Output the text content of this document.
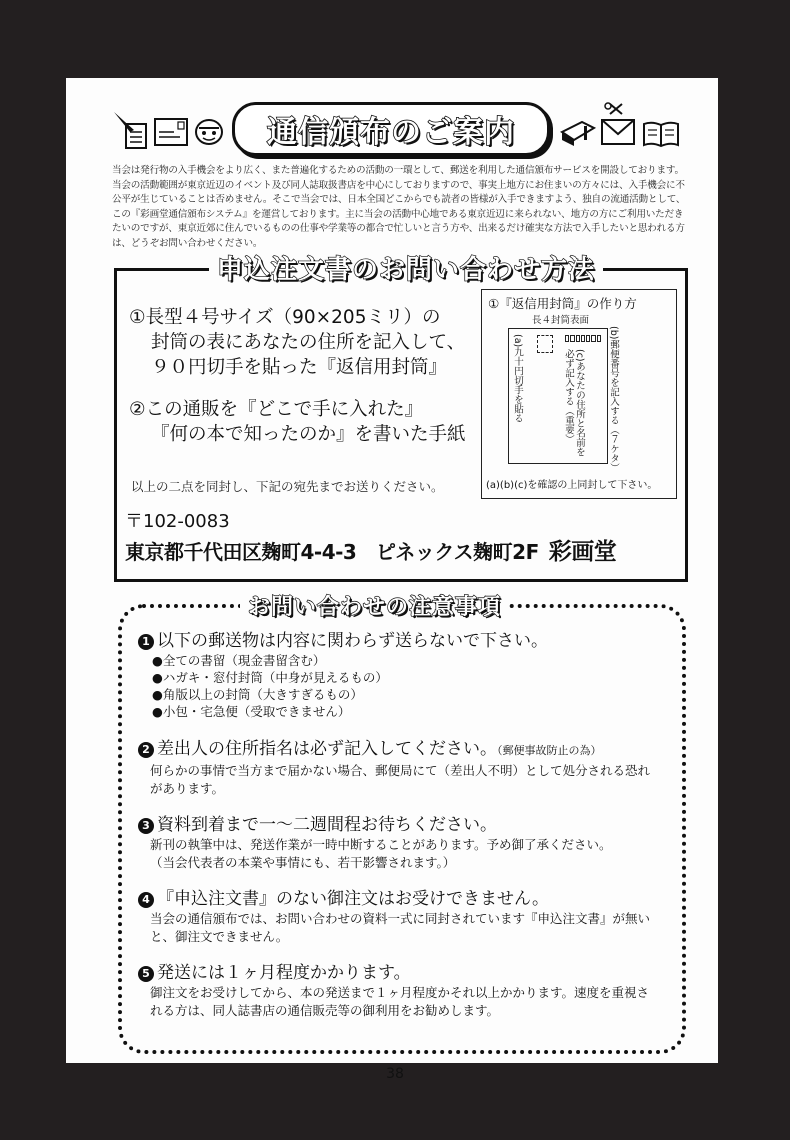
通信頒布のご案内
当会は発行物の入手機会をより広く、また普遍化するための活動の一環として、郵送を利用した通信頒布サービスを開設しております。当会の活動範囲が東京近辺のイベント及び同人誌取扱書店を中心にしておりますので、事実上地方にお住まいの方々には、入手機会に不公平が生じていることは否めません。そこで当会では、日本全国どこからでも読者の皆様が入手できますよう、独自の流通活動として、この『彩画堂通信頒布システム』を運営しております。主に当会の活動中心地である東京近辺に来られない、地方の方にご利用いただきたいのですが、東京近郊に住んでいるものの仕事や学業等の都合で忙しいと言う方や、出来るだけ確実な方法で入手したいと思われる方は、どうぞお問い合わせください。
申込注文書のお問い合わせ方法
①長型４号サイズ（90×205ミリ）の
封筒の表にあなたの住所を記入して、
９０円切手を貼った『返信用封筒』
②この通販を『どこで手に入れた』
『何の本で知ったのか』を書いた手紙
以上の二点を同封し、下記の宛先までお送りください。
〒102-0083
東京都千代田区麹町4-4-3　ピネックス麹町2F 彩画堂
①『返信用封筒』の作り方
長４封筒表面
(c)あなたの住所と名前を必ず記入する（重要）
(a)九十円切手を貼る	(b)郵便番号を記入する（７ケタ）
(a)(b)(c)を確認の上同封して下さい。
お問い合わせの注意事項
1 以下の郵送物は内容に関わらず送らないで下さい。
●全ての書留（現金書留含む）
●ハガキ・窓付封筒（中身が見えるもの）
●角版以上の封筒（大きすぎるもの）
●小包・宅急便（受取できません）
2 差出人の住所指名は必ず記入してください。（郵便事故防止の為）
何らかの事情で当方まで届かない場合、郵便局にて（差出人不明）として処分される恐れがあります。
3 資料到着まで一～二週間程お待ちください。
新刊の執筆中は、発送作業が一時中断することがあります。予め御了承ください。
（当会代表者の本業や事情にも、若干影響されます。）
4 『申込注文書』のない御注文はお受けできません。
当会の通信頒布では、お問い合わせの資料一式に同封されています『申込注文書』が無いと、御注文できません。
5 発送には１ヶ月程度かかります。
御注文をお受けしてから、本の発送まで１ヶ月程度かそれ以上かかります。速度を重視される方は、同人誌書店の通信販売等の御利用をお勧めします。
38
